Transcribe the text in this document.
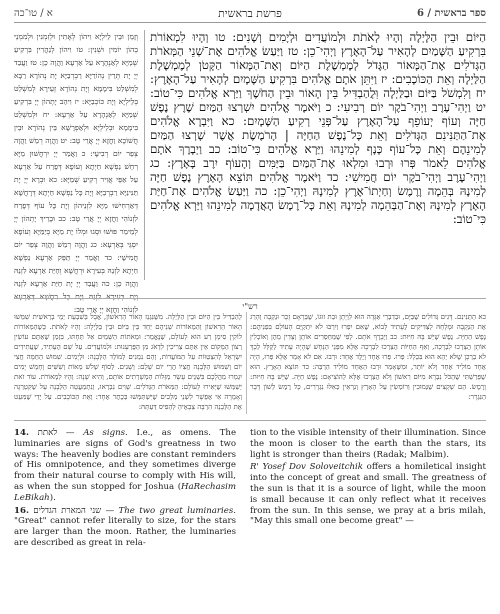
א / טו־כה	פרשת בראשית	6 / ספר בראשית
וְזָמֵן וּבֵין לֵילְיָא וִיהוֹן לְאָתִין וּלְזִמְנִין וּלְמִמְנֵי בְהוֹן יוֹמִין וּשְׁנִין: טו וִיהוֹן לְנַהֲרִין בִּרְקִיעַ שְׁמַיָּא לְאַנְהָרָא עַל אַרְעָא וַהֲוָה כֵן: טז וַעֲבַד יְיָ יָת תְּרֵין נְהוֹרַיָּא רַבְרְבַיָּא יָת נְהוֹרָא רַבָּא לְמִשְׁלַט בִּימָמָא וְיָת נְהוֹרָא זְעֵירָא לְמִשְׁלַט בְּלֵילְיָא וְיָת כּוֹכְבַיָּא: יז וִיהַב יָתְהוֹן יְיָ בִּרְקִיעַ שְׁמַיָּא לְאַנְהָרָא עַל אַרְעָא: יח וּלְמִשְׁלַט בִּימָמָא וּבְלֵילְיָא וּלְאַפְרָשָׁא בֵּין נְהוֹרָא וּבֵין חֲשׁוֹכָא וַחֲזָא יְיָ אֲרֵי טָב: יט וַהֲוָה רְמַשׁ וַהֲוָה צְפַר יוֹם רְבִיעָי: כ וַאֲמַר יְיָ יִרְחֲשׁוּן מַיָּא רְחֵשׁ נַפְשָׁא חַיְתָא וְעוֹפָא דְּפָרַח עַל אַרְעָא עַל אַפֵּי אֲוִיר רְקִיעַ שְׁמַיָּא: כא וּבְרָא יְיָ יָת תַּנִּינַיָּא רַבְרְבַיָּא וְיָת כָּל נַפְשָׁא חַיְתָא דְּרָחֲשָׁא דְּאַרְחִישׁוּ מַיָּא לִזְנֵיהוֹן וְיָת כָּל עוֹף דְּפָרַח לִזְנוֹהִי וַחֲזָא יְיָ אֲרֵי טָב: כב וּבָרֵיךְ יָתְהוֹן יְיָ לְמֵימַר פּוּשׁוּ וּסְגוּ וּמְלוֹ יָת מַיָּא בְּיַמַּיָּא וְעוֹפָא יִסְגֵּי בְּאַרְעָא: כג וַהֲוָה רְמַשׁ וַהֲוָה צְפַר יוֹם חֲמִישָׁי: כד וַאֲמַר יְיָ תַּפֵּק אַרְעָא נַפְשָׁא חַיְתָא לִזְנַהּ בְּעִירָא וּרְחֲשָׁא וְחַיַּת אַרְעָא לִזְנַהּ וַהֲוָה כֵן: כה וַעֲבַד יְיָ יָת חַיַּת אַרְעָא לִזְנַהּ וְיָת בְּעִירָא לִזְנַהּ וְיָת כָּל רִחֲשָׁא דְּאַרְעָא לִזְנוֹהִי וַחֲזָא יְיָ אֲרֵי טָב:
הַיּוֹם וּבֵין הַלָּיְלָה וְהָיוּ לְאֹתֹת וּלְמוֹעֲדִים וּלְיָמִים וְשָׁנִים: טו וְהָיוּ לִמְאוֹרֹת בִּרְקִיעַ הַשָּׁמַיִם לְהָאִיר עַל־הָאָרֶץ וַיְהִי־כֵן: טז וַיַּעַשׂ אֱלֹהִים אֶת־שְׁנֵי הַמְּאֹרֹת הַגְּדֹלִים אֶת־הַמָּאוֹר הַגָּדֹל לְמֶמְשֶׁלֶת הַיּוֹם וְאֶת־הַמָּאוֹר הַקָּטֹן לְמֶמְשֶׁלֶת הַלַּיְלָה וְאֵת הַכּוֹכָבִים: יז וַיִּתֵּן אֹתָם אֱלֹהִים בִּרְקִיעַ הַשָּׁמָיִם לְהָאִיר עַל־הָאָרֶץ: יח וְלִמְשֹׁל בַּיּוֹם וּבַלַּיְלָה וּֽלֲהַבְדִּיל בֵּין הָאוֹר וּבֵין הַחֹשֶׁךְ וַיַּרְא אֱלֹהִים כִּי־טוֹב: יט וַיְהִי־עֶרֶב וַיְהִי־בֹקֶר יוֹם רְבִיעִי: כ וַיֹּאמֶר אֱלֹהִים יִשְׁרְצוּ הַמַּיִם שֶׁרֶץ נֶפֶשׁ חַיָּה וְעוֹף יְעוֹפֵף עַל־הָאָרֶץ עַל־פְּנֵי רְקִיעַ הַשָּׁמָיִם: כא וַיִּבְרָא אֱלֹהִים אֶת־הַתַּנִּינִם הַגְּדֹלִים וְאֵת כָּל־נֶפֶשׁ הַחַיָּה | הָרֹמֶשֶׂת אֲשֶׁר שָׁרְצוּ הַמַּיִם לְמִינֵהֶם וְאֵת כָּל־עוֹף כָּנָף לְמִינֵהוּ וַיַּרְא אֱלֹהִים כִּי־טוֹב: כב וַיְבָרֶךְ אֹתָם אֱלֹהִים לֵאמֹר פְּרוּ וּרְבוּ וּמִלְאוּ אֶת־הַמַּיִם בַּיַּמִּים וְהָעוֹף יִרֶב בָּאָרֶץ: כג וַיְהִי־עֶרֶב וַיְהִי־בֹקֶר יוֹם חֲמִישִׁי: כד וַיֹּאמֶר אֱלֹהִים תּוֹצֵא הָאָרֶץ נֶפֶשׁ חַיָּה לְמִינָהּ בְּהֵמָה וָרֶמֶשׂ וְחַיְתוֹ־אֶרֶץ לְמִינָהּ וַיְהִי־כֵן: כה וַיַּעַשׂ אֱלֹהִים אֶת־חַיַּת הָאָרֶץ לְמִינָהּ וְאֶת־הַבְּהֵמָה לְמִינָהּ וְאֵת כָּל־רֶמֶשׂ הָאֲדָמָה לְמִינֵהוּ וַיַּרְא אֱלֹהִים כִּי־טוֹב:
רש"י
לְהַבְדִּיל בֵּין הַיּוֹם וּבֵין הַלַּיְלָה. מִשֶּׁנִּגְנַז הָאוֹר הָרִאשׁוֹן, אֲבָל בְּשִׁבְעַת יְמֵי בְרֵאשִׁית שִׁמְּשׁוּ הָאוֹר הָרִאשׁוֹן וְהַמְּאוֹרוֹת שְׁנֵיהֶם יַחַד בֵּין בַּיּוֹם וּבֵין בַּלַּיְלָה: וְהָיוּ לְאֹתֹת. כְּשֶׁהַמְּאוֹרוֹת לוֹקִין סִימָן רַע הוּא לָעוֹלָם, שֶׁנֶּאֱמַר: וּמֵאֹתוֹת הַשָּׁמַיִם אַל תֵּחָתּוּ, בִּזְמַן שֶׁאַתֶּם עוֹשִׂין רְצוֹן הַמָּקוֹם אֵין אַתֶּם צְרִיכִין לִדְאֹג מִן הַפֻּרְעָנוּת: וּלְמוֹעֲדִים. עַל שֵׁם הֶעָתִיד, שֶׁעֲתִידִים יִשְׂרָאֵל לְהִצְטַוּוֹת עַל הַמּוֹעֲדוֹת, וְהֵם נִמְנִים לְמוֹלַד הַלְּבָנָה: וּלְיָמִים. שִׁמּוּשׁ הַחַמָּה חֲצִי יוֹם וְשִׁמּוּשׁ הַלְּבָנָה חֲצִיוֹ הֲרֵי יוֹם שָׁלֵם: וְשָׁנִים. לְסוֹף שְׁלֹשׁ מֵאוֹת וְשִׁשִּׁים וְחָמֵשׁ יָמִים יִגְמְרוּ מַהֲלָכָם בִּשְׁנֵים עָשָׂר מַזָּלוֹת הַמְשָׁרְתִים אוֹתָם, וְהִיא שָׁנָה: וְהָיוּ לִמְאוֹרֹת. עוֹד זֹאת יְשַׁמְּשׁוּ שֶׁיָּאִירוּ לָעוֹלָם: הַמְּאֹרֹת הַגְּדֹלִים. שָׁוִים נִבְרְאוּ, וְנִתְמַעֲטָה הַלְּבָנָה עַל שֶׁקִּטְרְגָה וְאָמְרָה אִי אֶפְשָׁר לִשְׁנֵי מְלָכִים שֶׁיִּשְׁתַּמְּשׁוּ בְּכֶתֶר אֶחָד: וְאֵת הַכּוֹכָבִים. עַל יְדֵי שֶׁמִּעֵט אֶת הַלְּבָנָה הִרְבָּה צְבָאֶיהָ לְהָפִיס דַּעְתָּהּ:
כא הַתַּנִּינִם. דָּגִים גְּדוֹלִים שֶׁבַּיָּם, וּבְדִבְרֵי אַגָּדָה הוּא לִוְיָתָן וּבַת זוּגוֹ, שֶׁבְּרָאָם זָכָר וּנְקֵבָה וְהָרַג אֶת הַנְּקֵבָה וּמְלָחָהּ לַצַּדִּיקִים לֶעָתִיד לָבוֹא, שֶׁאִם יִפְרוּ וְיִרְבּוּ לֹא יִתְקַיֵּם הָעוֹלָם בִּפְנֵיהֶם: נֶפֶשׁ הַחַיָּה. נֶפֶשׁ שֶׁיֵּשׁ בָּהּ חִיּוּת: כב וַיְבָרֶךְ אֹתָם. לְפִי שֶׁמְּחַסְּרִים אוֹתָן וְצָדִין מֵהֶן וְאוֹכְלִין אוֹתָן הֻצְרְכוּ לִבְרָכָה, וְאַף הַחַיּוֹת הֻצְרְכוּ לִבְרָכָה אֶלָּא מִפְּנֵי הַנָּחָשׁ שֶׁהָיָה עָתִיד לְקַלֵּל לְכָךְ לֹא בֵרְכָן שֶׁלֹּא יְהֵא הוּא בִּכְלָל: פְּרוּ. פְּרוּ אֶחָד וְיֶלֶד אֶחָד: וּרְבוּ. אִם לֹא אָמַר אֶלָּא פְּרוּ, הָיָה אֶחָד מוֹלִיד אֶחָד וְלֹא יוֹתֵר, וּמִשֶּׁאָמַר וּרְבוּ הָאֶחָד מוֹלִיד הַרְבֵּה: כד תּוֹצֵא הָאָרֶץ. הוּא שֶׁפֵּרַשְׁתִּי שֶׁהַכֹּל נִבְרָא מִיּוֹם רִאשׁוֹן וְלֹא הֻצְרְכוּ אֶלָּא לְהוֹצִיאָם: נֶפֶשׁ חַיָּה. שֶׁיֵּשׁ בָּהּ חִיּוּת: וָרֶמֶשׂ. הֵם שְׁקָצִים שֶׁנְּמוּכִין וְרוֹמְשִׂין עַל הָאָרֶץ וְנִרְאִין כְּאִלּוּ נִגְרָרִים, כָּל רֶמֶשׂ לְשׁוֹן דָּבָר הַנִּגְרָר:

14. לאתת — As signs. I.e., as omens. The luminaries are signs of God's greatness in two ways: The heavenly bodies are constant reminders of His omnipotence, and they sometimes diverge from their natural course to comply with His will, as when the sun stopped for Joshua (HaRechasim LeBikah).

16. שני המארת הגדלים — The two great luminaries. "Great" cannot refer literally to size, for the stars are larger than the moon. Rather, the luminaries are described as great in rela-

tion to the visible intensity of their illumination. Since the moon is closer to the earth than the stars, its light is stronger than theirs (Radak; Malbim).

R' Yosef Dov Soloveitchik offers a homiletical insight into the concept of great and small. The greatness of the sun is that it is a source of light, while the moon is small because it can only reflect what it receives from the sun. In this sense, we pray at a bris milah, "May this small one become great" —
